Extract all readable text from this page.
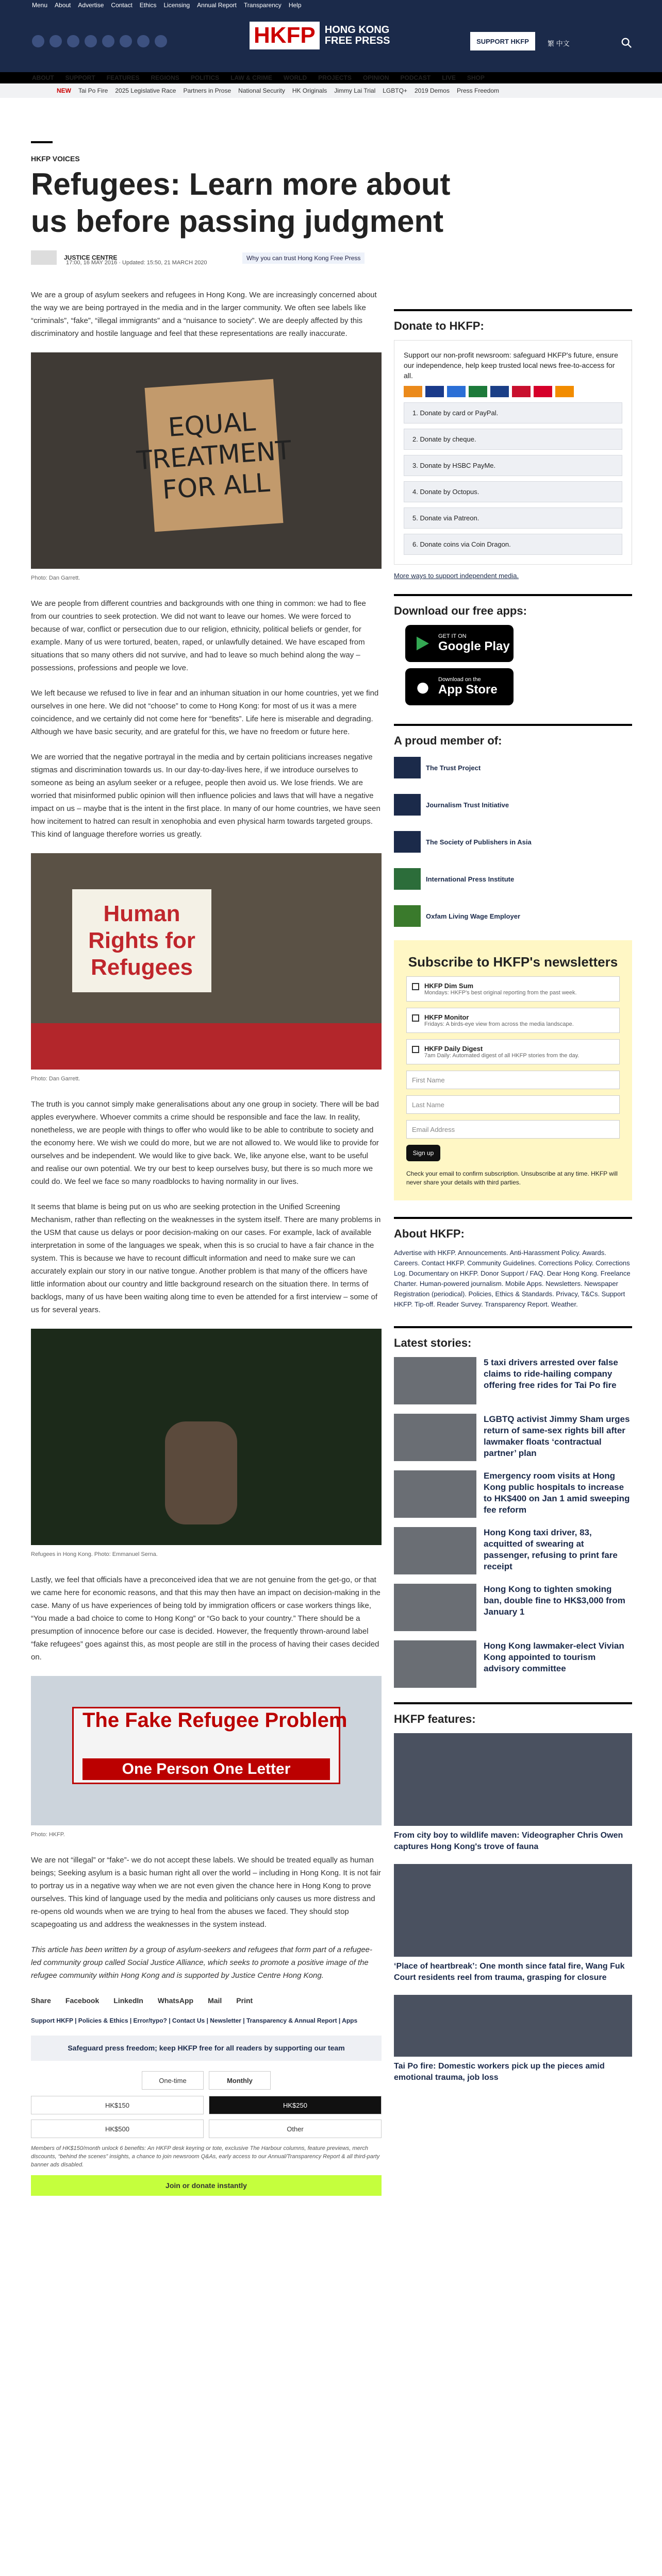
Menu About Advertise Contact Ethics Licensing Annual Report Transparency Help
HKFP HONG KONG
FREE PRESS	SUPPORT HKFP	繁 中文
ABOUT SUPPORT FEATURES REGIONS POLITICS LAW & CRIME WORLD PROJECTS OPINION PODCAST LIVE SHOP
NEW Tai Po Fire 2025 Legislative Race Partners in Prose National Security HK Originals Jimmy Lai Trial LGBTQ+ 2019 Demos Press Freedom
HKFP VOICES
Refugees: Learn more about us before passing judgment
JUSTICE CENTRE
17:00, 16 MAY 2016 · Updated: 15:50, 21 MARCH 2020
Why you can trust Hong Kong Free Press

We are a group of asylum seekers and refugees in Hong Kong. We are increasingly concerned about the way we are being portrayed in the media and in the larger community. We often see labels like “criminals”, “fake”, “illegal immigrants” and a “nuisance to society”. We are deeply affected by this discriminatory and hostile language and feel that these representations are really inaccurate.

EQUAL TREATMENT FOR ALL
Photo: Dan Garrett.

We are people from different countries and backgrounds with one thing in common: we had to flee from our countries to seek protection. We did not want to leave our homes. We were forced to because of war, conflict or persecution due to our religion, ethnicity, political beliefs or gender, for example. Many of us were tortured, beaten, raped, or unlawfully detained. We have escaped from situations that so many others did not survive, and had to leave so much behind along the way – possessions, professions and people we love.

We left because we refused to live in fear and an inhuman situation in our home countries, yet we find ourselves in one here. We did not “choose” to come to Hong Kong: for most of us it was a mere coincidence, and we certainly did not come here for “benefits”. Life here is miserable and degrading. Although we have basic security, and are grateful for this, we have no freedom or future here.

We are worried that the negative portrayal in the media and by certain politicians increases negative stigmas and discrimination towards us. In our day-to-day-lives here, if we introduce ourselves to someone as being an asylum seeker or a refugee, people then avoid us. We lose friends. We are worried that misinformed public opinion will then influence policies and laws that will have a negative impact on us – maybe that is the intent in the first place. In many of our home countries, we have seen how incitement to hatred can result in xenophobia and even physical harm towards targeted groups. This kind of language therefore worries us greatly.

Human Rights for Refugees
Photo: Dan Garrett.

The truth is you cannot simply make generalisations about any one group in society. There will be bad apples everywhere. Whoever commits a crime should be responsible and face the law. In reality, nonetheless, we are people with things to offer who would like to be able to contribute to society and the economy here. We wish we could do more, but we are not allowed to. We would like to provide for ourselves and be independent. We would like to give back. We, like anyone else, want to be useful and realise our own potential. We try our best to keep ourselves busy, but there is so much more we could do. We feel we face so many roadblocks to having normality in our lives.

It seems that blame is being put on us who are seeking protection in the Unified Screening Mechanism, rather than reflecting on the weaknesses in the system itself. There are many problems in the USM that cause us delays or poor decision-making on our cases. For example, lack of available interpretation in some of the languages we speak, when this is so crucial to have a fair chance in the system. This is because we have to recount difficult information and need to make sure we can accurately explain our story in our native tongue. Another problem is that many of the officers have little information about our country and little background research on the situation there. In terms of backlogs, many of us have been waiting along time to even be attended for a first interview – some of us for several years.

Refugees in Hong Kong. Photo: Emmanuel Serna.

Lastly, we feel that officials have a preconceived idea that we are not genuine from the get-go, or that we came here for economic reasons, and that this may then have an impact on decision-making in the case. Many of us have experiences of being told by immigration officers or case workers things like, “You made a bad choice to come to Hong Kong” or “Go back to your country.” There should be a presumption of innocence before our case is decided. However, the frequently thrown-around label “fake refugees” goes against this, as most people are still in the process of having their cases decided on.

The Fake Refugee Problem
One Person One Letter
Photo: HKFP.

We are not “illegal” or “fake”- we do not accept these labels. We should be treated equally as human beings; Seeking asylum is a basic human right all over the world – including in Hong Kong. It is not fair to portray us in a negative way when we are not even given the chance here in Hong Kong to prove ourselves. This kind of language used by the media and politicians only causes us more distress and re-opens old wounds when we are trying to heal from the abuses we faced. They should stop scapegoating us and address the weaknesses in the system instead.

This article has been written by a group of asylum-seekers and refugees that form part of a refugee-led community group called Social Justice Alliance, which seeks to promote a positive image of the refugee community within Hong Kong and is supported by Justice Centre Hong Kong.

Share Facebook LinkedIn WhatsApp Mail Print
Support HKFP | Policies & Ethics | Error/typo? | Contact Us | Newsletter | Transparency & Annual Report | Apps
Safeguard press freedom; keep HKFP free for all readers by supporting our team
One-time	Monthly
HK$150	HK$250
HK$500	Other
Members of HK$150/month unlock 6 benefits: An HKFP desk keyring or tote, exclusive The Harbour columns, feature previews, merch discounts, “behind the scenes” insights, a chance to join newsroom Q&As, early access to our Annual/Transparency Report & all third-party banner ads disabled.
Join or donate instantly
Donate to HKFP:
Support our non-profit newsroom: safeguard HKFP's future, ensure our independence, help keep trusted local news free-to-access for all.
1. Donate by card or PayPal.
2. Donate by cheque.
3. Donate by HSBC PayMe.
4. Donate by Octopus.
5. Donate via Patreon.
6. Donate coins via Coin Dragon.
More ways to support independent media.
Download our free apps:
GET IT ON
Google Play
Download on the
App Store
A proud member of:
The Trust Project
Journalism Trust Initiative
The Society of Publishers in Asia
International Press Institute
Oxfam Living Wage Employer
Subscribe to HKFP's newsletters
HKFP Dim Sum
Mondays: HKFP's best original reporting from the past week.
HKFP Monitor
Fridays: A birds-eye view from across the media landscape.
HKFP Daily Digest
7am Daily: Automated digest of all HKFP stories from the day.
First Name
Last Name
Email Address
Sign up
Check your email to confirm subscription. Unsubscribe at any time. HKFP will never share your details with third parties.
About HKFP:
Advertise with HKFP. Announcements. Anti-Harassment Policy. Awards. Careers. Contact HKFP. Community Guidelines. Corrections Policy. Corrections Log. Documentary on HKFP. Donor Support / FAQ. Dear Hong Kong. Freelance Charter. Human-powered journalism. Mobile Apps. Newsletters. Newspaper Registration (periodical). Policies, Ethics & Standards. Privacy, T&Cs. Support HKFP. Tip-off. Reader Survey. Transparency Report. Weather.
Latest stories:
5 taxi drivers arrested over false claims to ride-hailing company offering free rides for Tai Po fire
LGBTQ activist Jimmy Sham urges return of same-sex rights bill after lawmaker floats ‘contractual partner’ plan
Emergency room visits at Hong Kong public hospitals to increase to HK$400 on Jan 1 amid sweeping fee reform
Hong Kong taxi driver, 83, acquitted of swearing at passenger, refusing to print fare receipt
Hong Kong to tighten smoking ban, double fine to HK$3,000 from January 1
Hong Kong lawmaker-elect Vivian Kong appointed to tourism advisory committee
HKFP features:
From city boy to wildlife maven: Videographer Chris Owen captures Hong Kong's trove of fauna
‘Place of heartbreak’: One month since fatal fire, Wang Fuk Court residents reel from trauma, grasping for closure
Tai Po fire: Domestic workers pick up the pieces amid emotional trauma, job loss
